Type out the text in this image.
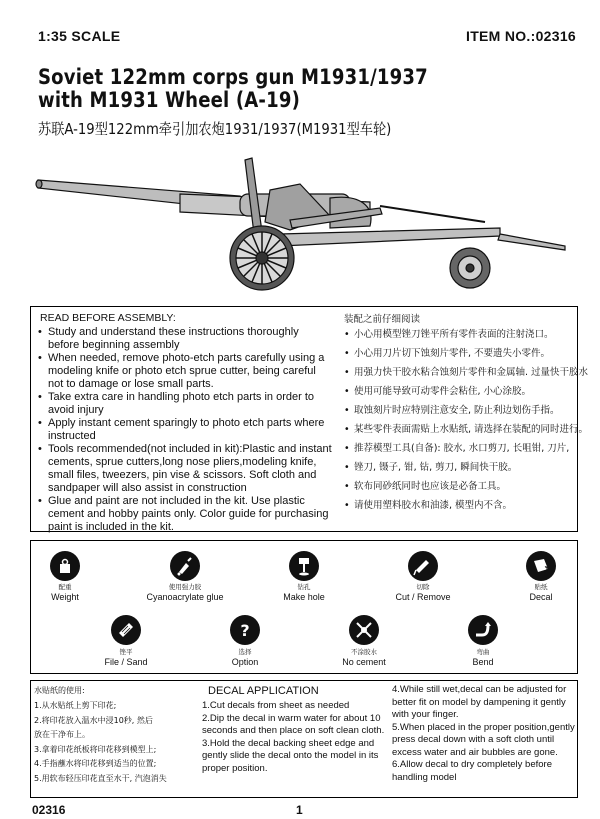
1:35 SCALE	ITEM NO.:02316
Soviet 122mm corps gun M1931/1937
with M1931 Wheel (A-19)
苏联A-19型122mm牵引加农炮1931/1937(M1931型车轮)
READ BEFORE ASSEMBLY:
• Study and understand these instructions thoroughly before beginning assembly
• When needed, remove photo-etch parts carefully using a modeling knife or photo etch sprue cutter, being careful not to damage or lose small parts.
• Take extra care in handling photo etch parts in order to avoid injury
• Apply instant cement sparingly to photo etch parts where instructed
• Tools recommended(not included in kit):Plastic and instant cements, sprue cutters,long nose pliers,modeling knife, small files, tweezers, pin vise & scissors. Soft cloth and sandpaper will also assist in construction
• Glue and paint are not included in the kit. Use plastic cement and hobby paints only. Color guide for purchasing paint is included in the kit.
装配之前仔细阅读
• 小心用模型锉刀锉平所有零件表面的注射浇口。
• 小心用刀片切下蚀刻片零件, 不要遗失小零件。
• 用强力快干胶水粘合蚀刻片零件和金属轴. 过量快干胶水
• 使用可能导致可动零件会粘住, 小心涂胶。
• 取蚀刻片时应特别注意安全, 防止利边划伤手指。
• 某些零件表面需贴上水贴纸, 请选择在装配的同时进行。
• 推荐模型工具(自备): 胶水, 水口剪刀, 长咀钳, 刀片,
• 锉刀, 镊子, 钳, 钻, 剪刀, 瞬间快干胶。
• 软布同砂纸同时也应该是必备工具。
• 请使用塑料胶水和油漆, 模型内不含。
配重
Weight
使用强力胶
Cyanoacrylate glue
钻孔
Make hole
切除
Cut / Remove
贴纸
Decal
锉平
File / Sand
?
选择
Option
不涂胶水
No cement
弯曲
Bend
水贴纸的使用:
1.从水贴纸上剪下印花;
2.将印花放入温水中浸10秒, 然后
放在干净布上。
3.拿着印花纸板将印花移到模型上;
4.手指蘸水将印花移到适当的位置;
5.用软布轻压印花直至水干, 汽泡消失
DECAL APPLICATION
1.Cut decals from sheet as needed
2.Dip the decal in warm water for about 10 seconds and then place on soft clean cloth.
3.Hold the decal backing sheet edge and gently slide the decal onto the model in its proper position.
4.While still wet,decal can be adjusted for better fit on model by dampening it gently with your finger.
5.When placed in the proper position,gently press decal down with a soft cloth until excess water and air bubbles are gone.
6.Allow decal to dry completely before handling model
02316	1
